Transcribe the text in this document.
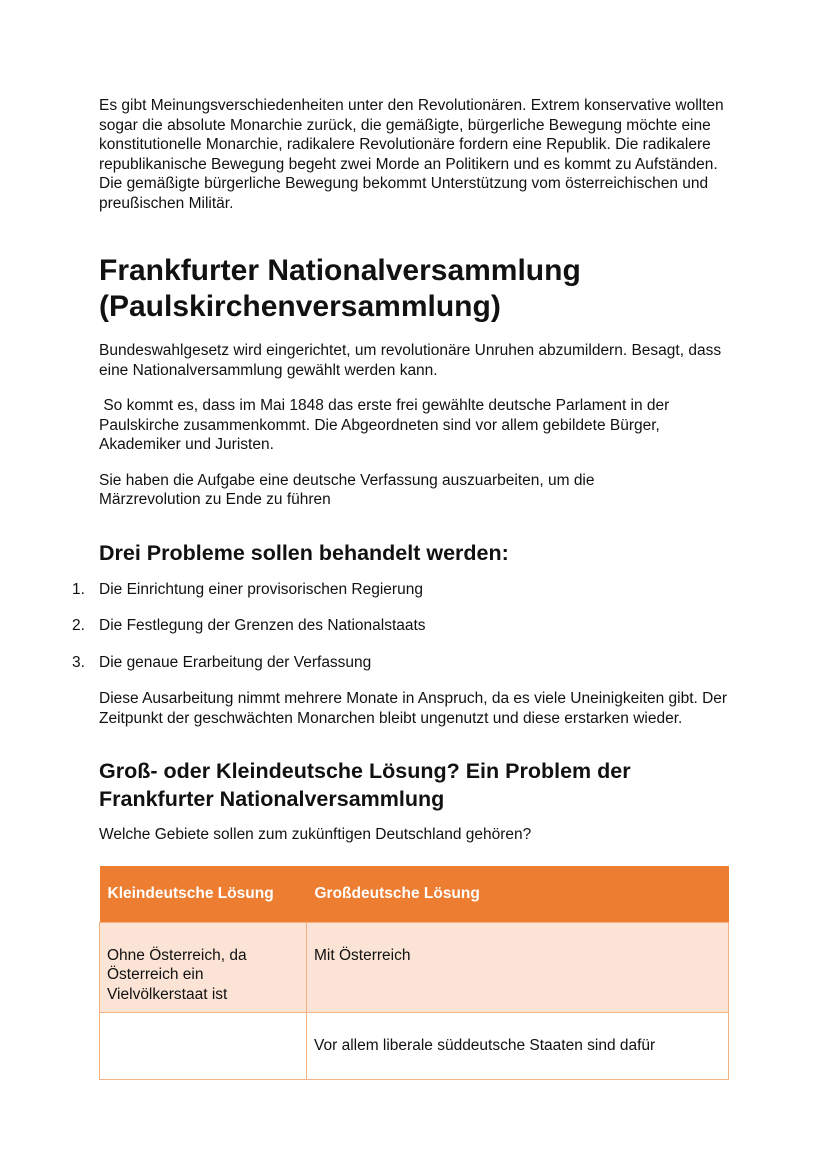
Es gibt Meinungsverschiedenheiten unter den Revolutionären. Extrem konservative wollten sogar die absolute Monarchie zurück, die gemäßigte, bürgerliche Bewegung möchte eine konstitutionelle Monarchie, radikalere Revolutionäre fordern eine Republik. Die radikalere republikanische Bewegung begeht zwei Morde an Politikern und es kommt zu Aufständen. Die gemäßigte bürgerliche Bewegung bekommt Unterstützung vom österreichischen und preußischen Militär.

Frankfurter Nationalversammlung
(Paulskirchenversammlung)

Bundeswahlgesetz wird eingerichtet, um revolutionäre Unruhen abzumildern. Besagt, dass eine Nationalversammlung gewählt werden kann.

So kommt es, dass im Mai 1848 das erste frei gewählte deutsche Parlament in der Paulskirche zusammenkommt. Die Abgeordneten sind vor allem gebildete Bürger, Akademiker und Juristen.

Sie haben die Aufgabe eine deutsche Verfassung auszuarbeiten, um die Märzrevolution zu Ende zu führen

Drei Probleme sollen behandelt werden:
1. Die Einrichtung einer provisorischen Regierung
2. Die Festlegung der Grenzen des Nationalstaats
3. Die genaue Erarbeitung der Verfassung

Diese Ausarbeitung nimmt mehrere Monate in Anspruch, da es viele Uneinigkeiten gibt. Der Zeitpunkt der geschwächten Monarchen bleibt ungenutzt und diese erstarken wieder.

Groß- oder Kleindeutsche Lösung? Ein Problem der
Frankfurter Nationalversammlung

Welche Gebiete sollen zum zukünftigen Deutschland gehören?

Kleindeutsche Lösung	Großdeutsche Lösung
Ohne Österreich, da Österreich ein Vielvölkerstaat ist	Mit Österreich
	Vor allem liberale süddeutsche Staaten sind dafür
